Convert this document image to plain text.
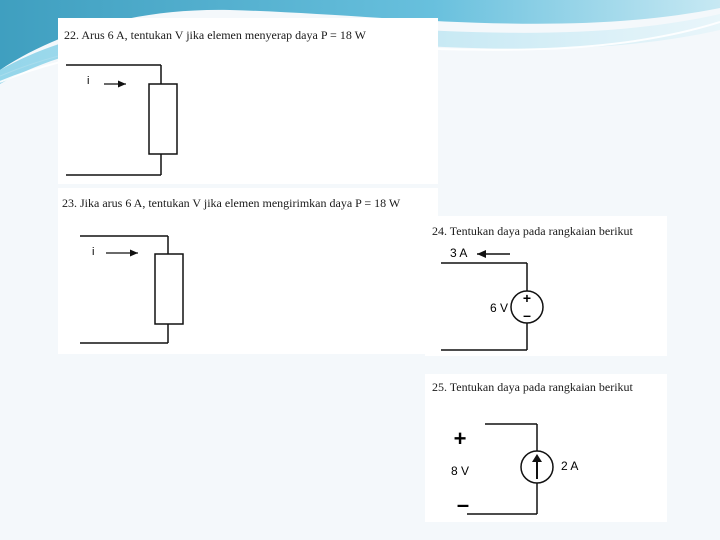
22. Arus 6 A, tentukan V jika elemen menyerap daya P = 18 W
i
23. Jika arus 6 A, tentukan V jika elemen mengirimkan daya P = 18 W
i
24. Tentukan daya pada rangkaian berikut
+
–
3 A
6 V
25. Tentukan daya pada rangkaian berikut
+
–
8 V	2 A
